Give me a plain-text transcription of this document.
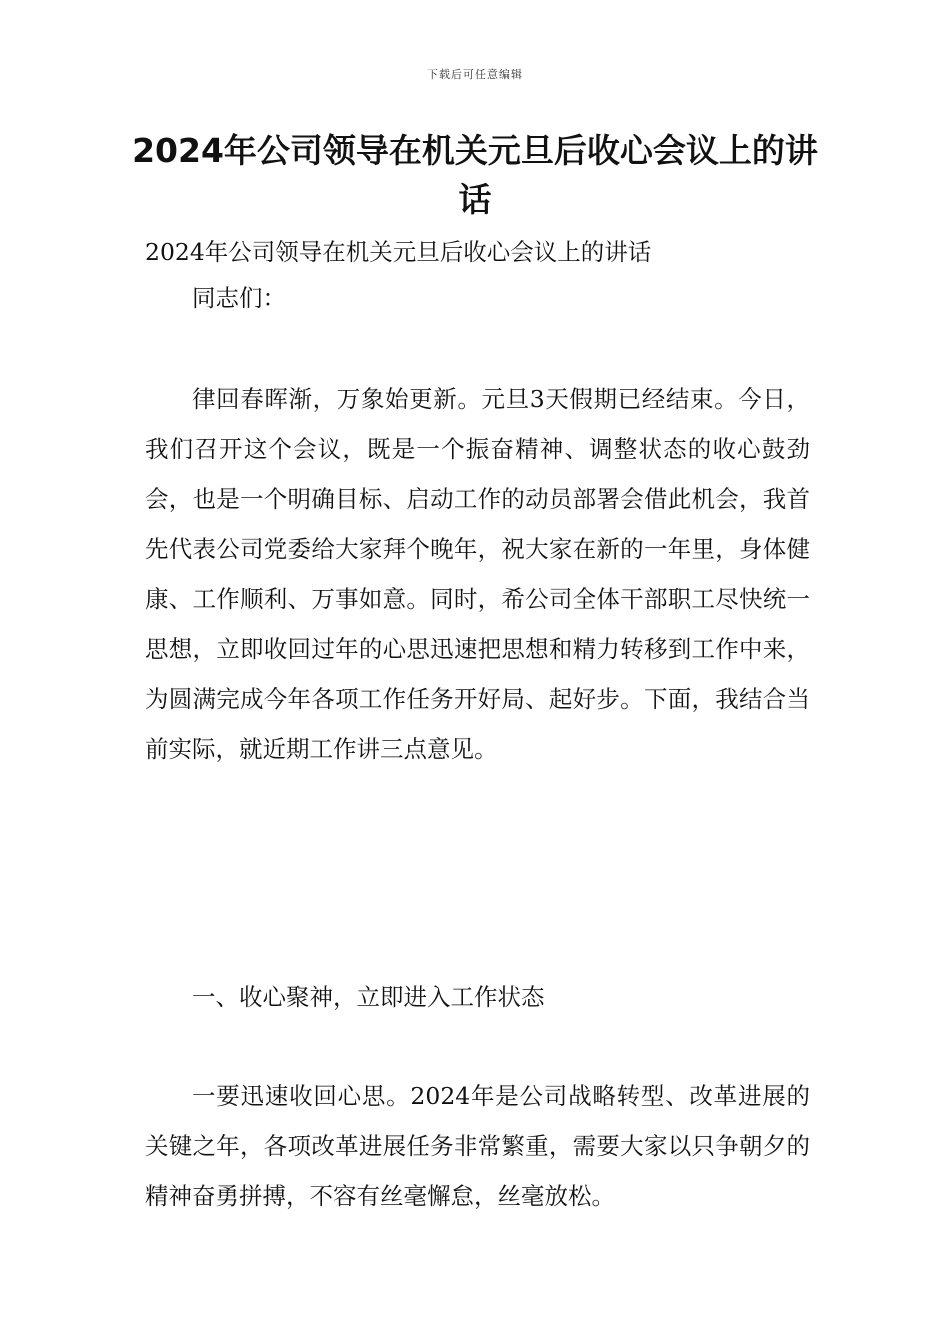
下载后可任意编辑
2024年公司领导在机关元旦后收心会议上的讲话

2024年公司领导在机关元旦后收心会议上的讲话

同志们：

律回春晖渐，万象始更新。元旦3天假期已经结束。今日，我们召开这个会议，既是一个振奋精神、调整状态的收心鼓劲会，也是一个明确目标、启动工作的动员部署会借此机会，我首先代表公司党委给大家拜个晚年，祝大家在新的一年里，身体健康、工作顺利、万事如意。同时，希公司全体干部职工尽快统一思想，立即收回过年的心思迅速把思想和精力转移到工作中来，为圆满完成今年各项工作任务开好局、起好步。下面，我结合当前实际，就近期工作讲三点意见。

一、收心聚神，立即进入工作状态

一要迅速收回心思。2024年是公司战略转型、改革进展的关键之年，各项改革进展任务非常繁重，需要大家以只争朝夕的精神奋勇拼搏，不容有丝毫懈怠，丝毫放松。
